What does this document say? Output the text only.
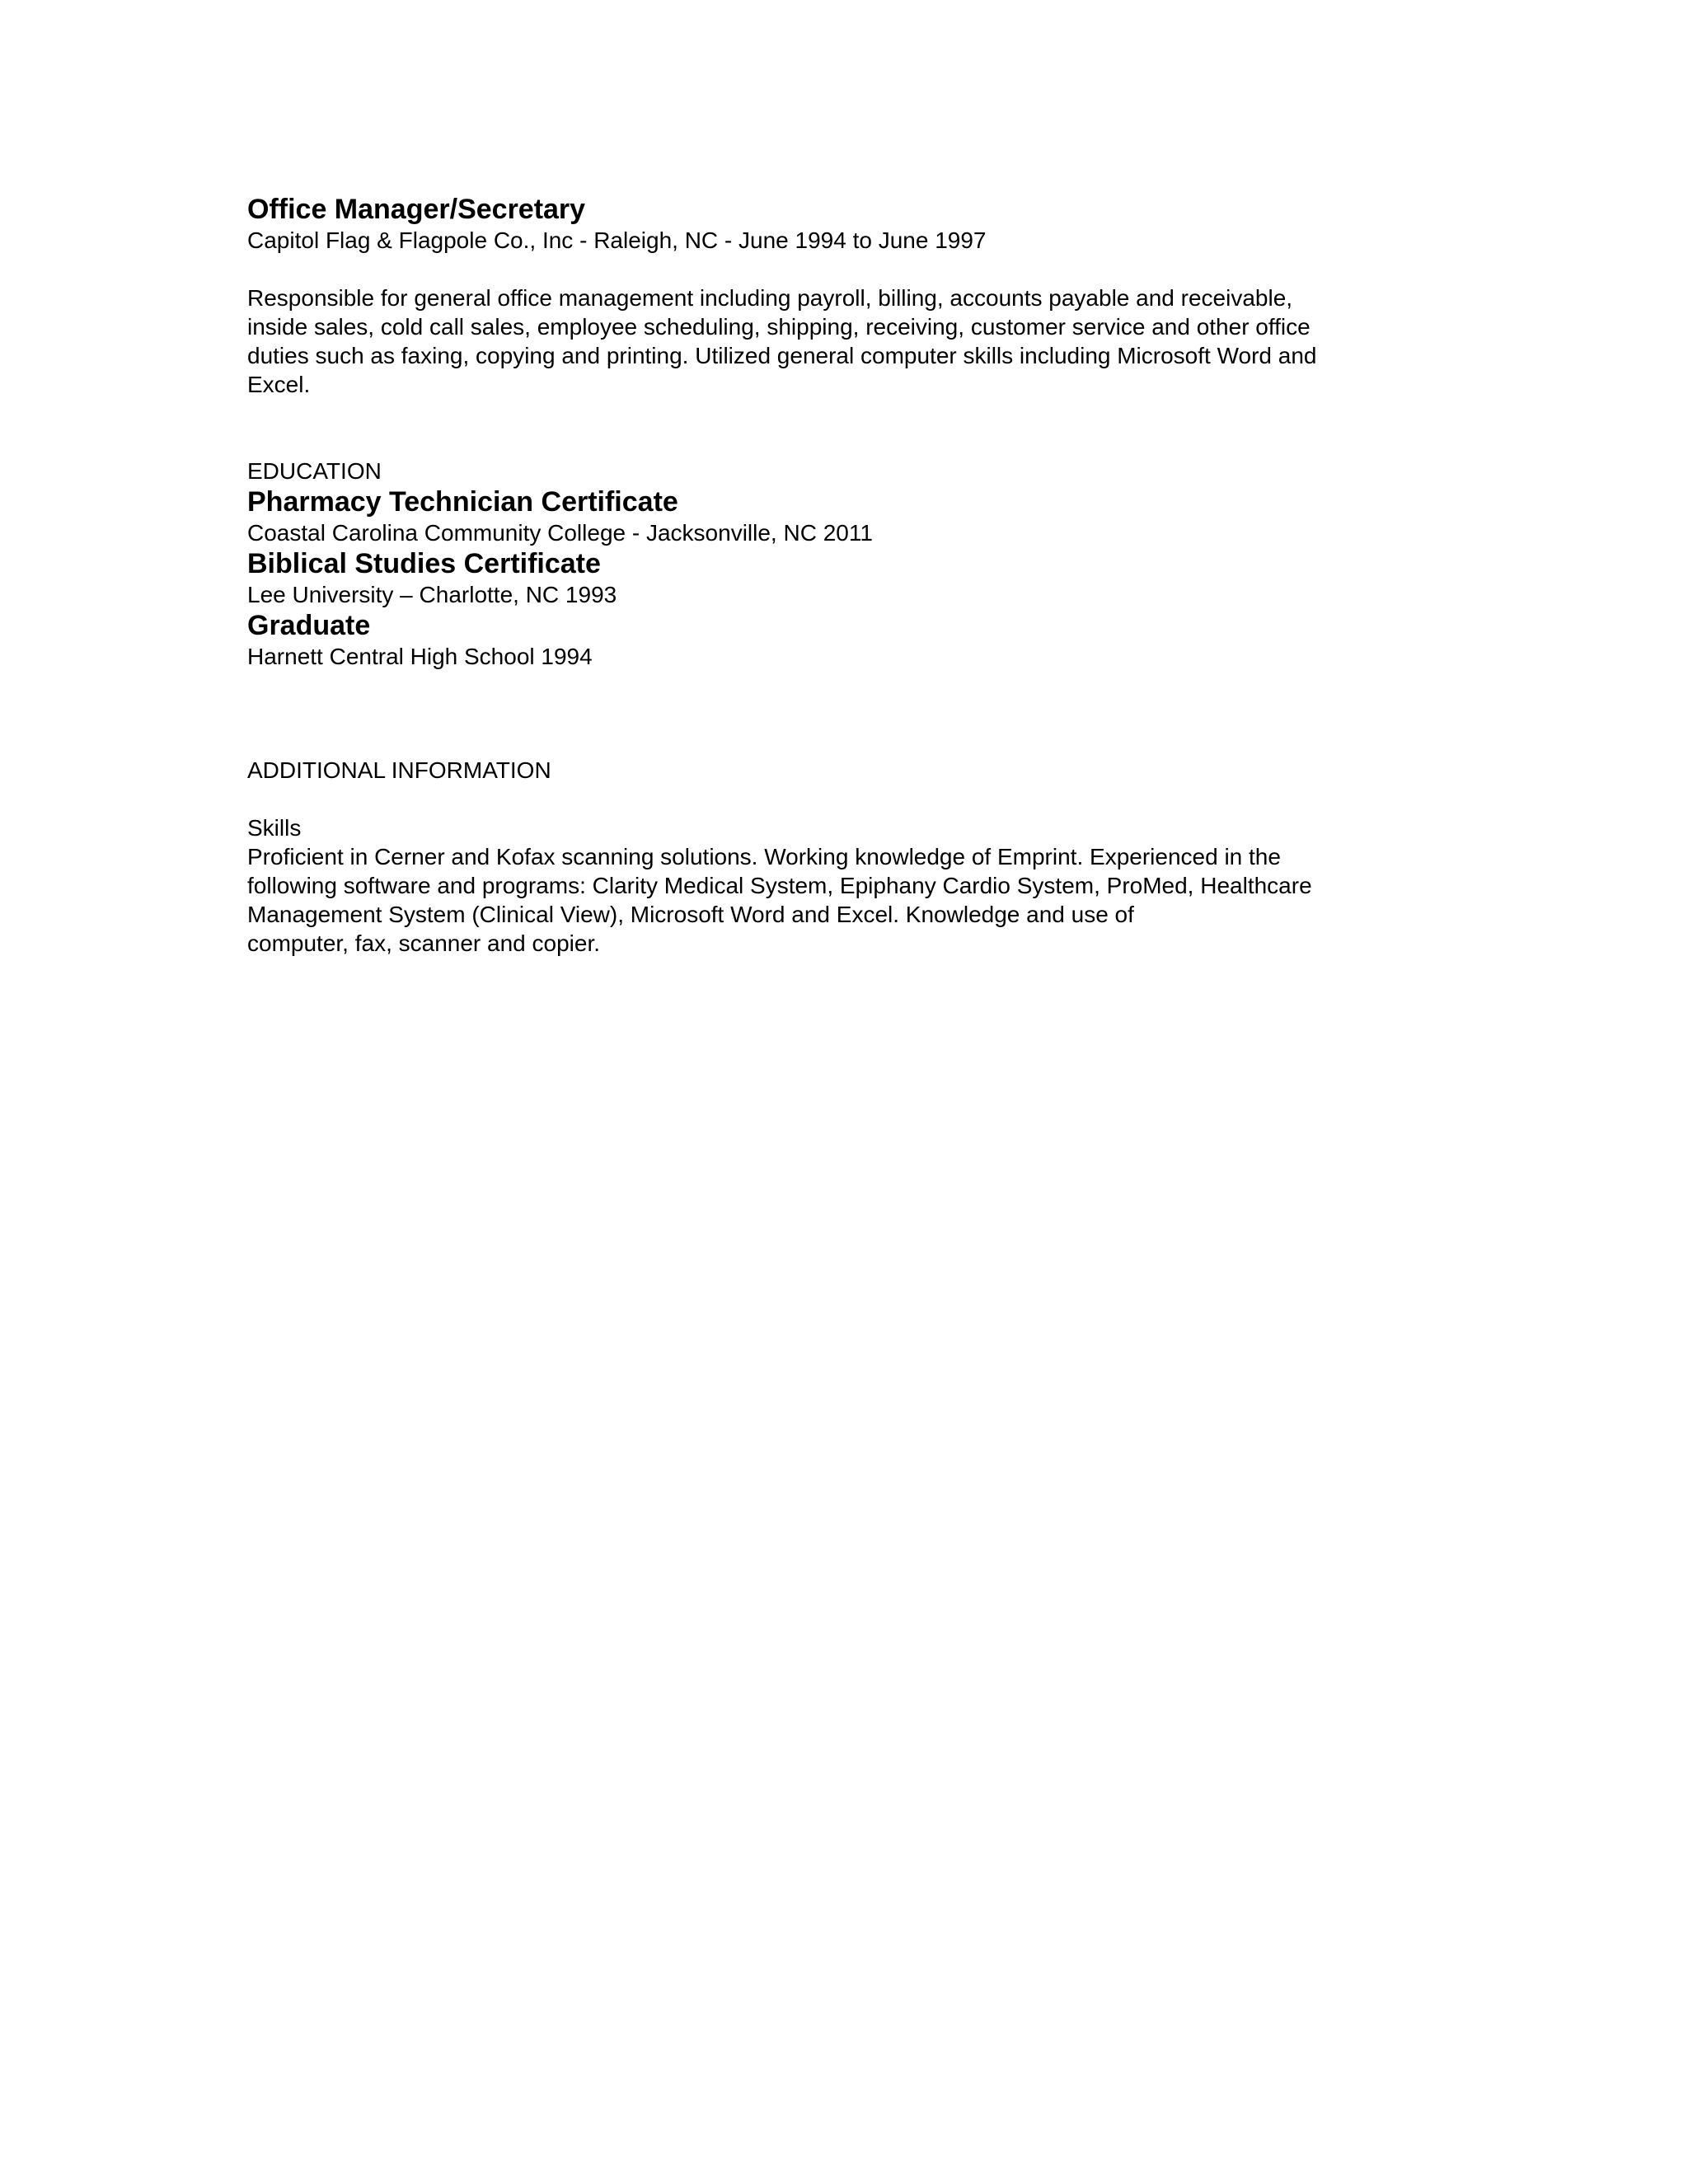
Office Manager/Secretary

Capitol Flag & Flagpole Co., Inc - Raleigh, NC - June 1994 to June 1997

Responsible for general office management including payroll, billing, accounts payable and receivable,
inside sales, cold call sales, employee scheduling, shipping, receiving, customer service and other office
duties such as faxing, copying and printing. Utilized general computer skills including Microsoft Word and
Excel.

EDUCATION

Pharmacy Technician Certificate

Coastal Carolina Community College - Jacksonville, NC 2011

Biblical Studies Certificate

Lee University – Charlotte, NC 1993

Graduate

Harnett Central High School 1994

ADDITIONAL INFORMATION

Skills

Proficient in Cerner and Kofax scanning solutions. Working knowledge of Emprint. Experienced in the
following software and programs: Clarity Medical System, Epiphany Cardio System, ProMed, Healthcare
Management System (Clinical View), Microsoft Word and Excel. Knowledge and use of
computer, fax, scanner and copier.
